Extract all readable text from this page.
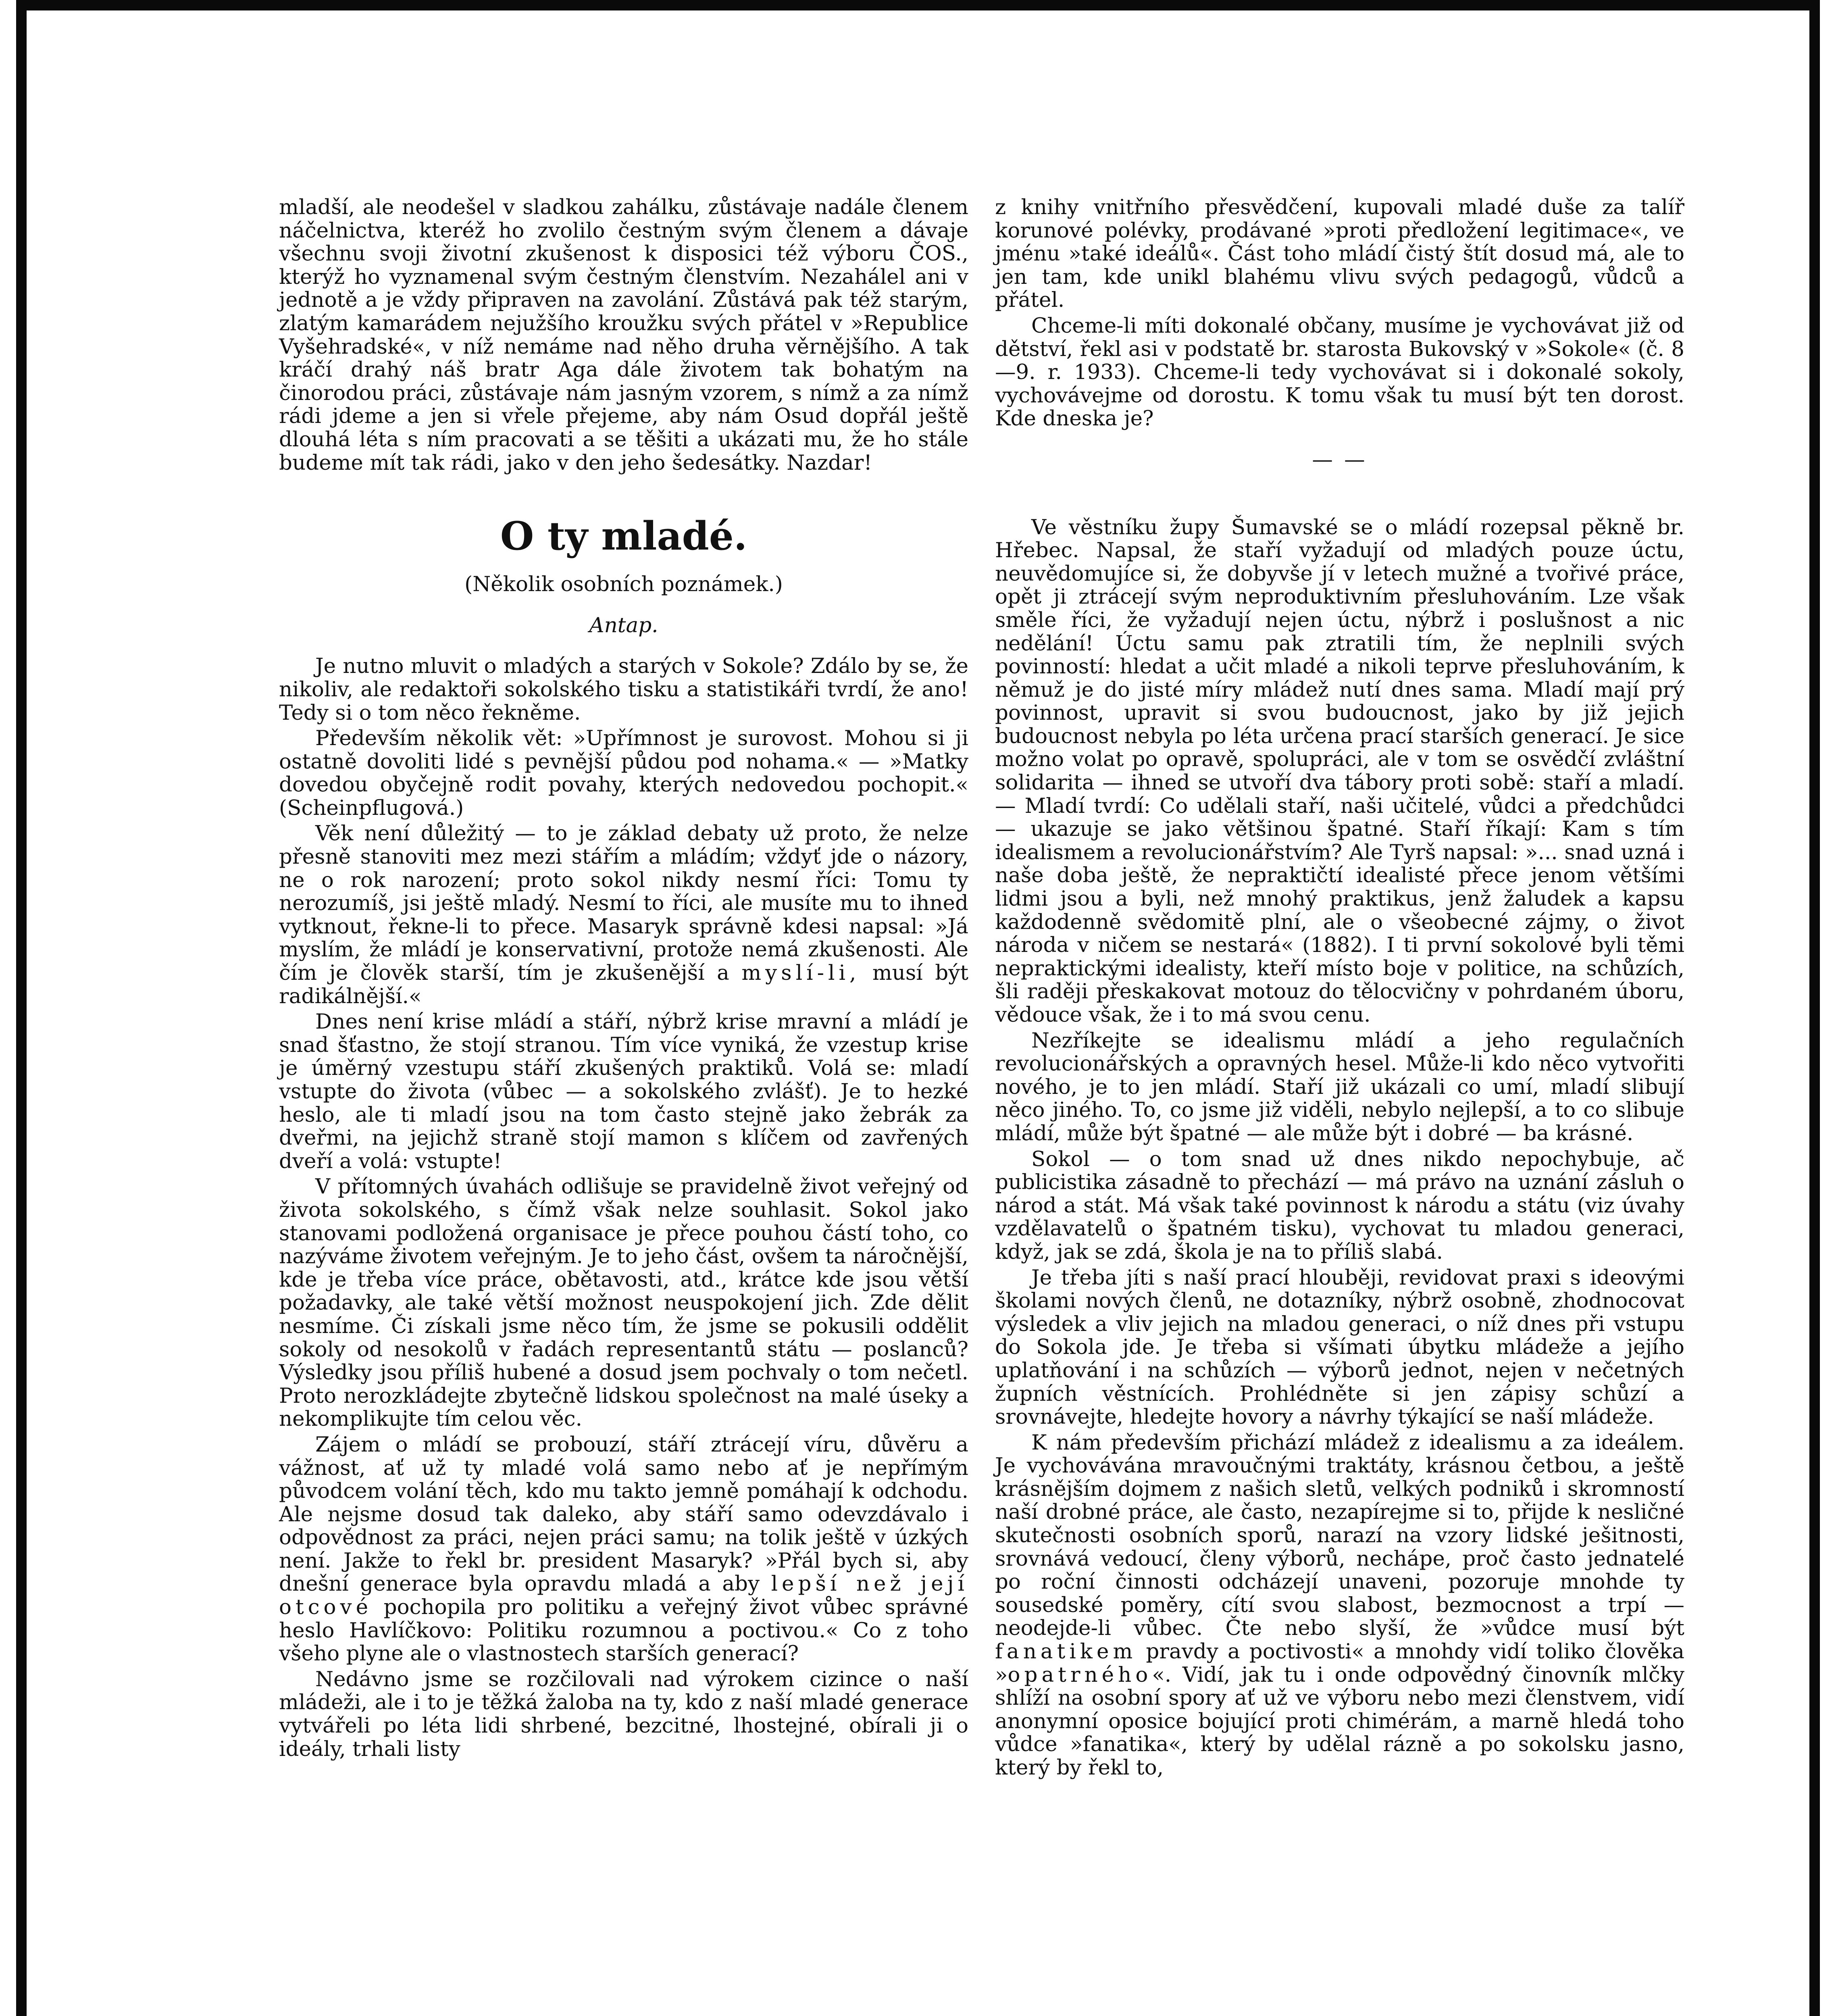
mladší, ale neodešel v sladkou zahálku, zůstávaje nadále členem náčelnictva, kteréž ho zvolilo čestným svým členem a dávaje všechnu svoji životní zkušenost k disposici též výboru ČOS., kterýž ho vyznamenal svým čestným členstvím. Nezahálel ani v jednotě a je vždy připraven na zavolání. Zůstává pak též starým, zlatým kamarádem nejužšího kroužku svých přátel v »Republice Vyšehradské«, v níž nemáme nad něho druha věrnějšího. A tak kráčí drahý náš bratr Aga dále životem tak bohatým na činorodou práci, zůstávaje nám jasným vzorem, s nímž a za nímž rádi jdeme a jen si vřele přejeme, aby nám Osud dopřál ještě dlouhá léta s ním pracovati a se těšiti a ukázati mu, že ho stále budeme mít tak rádi, jako v den jeho šedesátky. Nazdar!

O ty mladé.
(Několik osobních poznámek.)
Antap.

Je nutno mluvit o mladých a starých v Sokole? Zdálo by se, že nikoliv, ale redaktoři sokolského tisku a statistikáři tvrdí, že ano! Tedy si o tom něco řekněme.

Především několik vět: »Upřímnost je surovost. Mohou si ji ostatně dovoliti lidé s pevnější půdou pod nohama.« — »Matky dovedou obyčejně rodit povahy, kterých nedovedou pochopit.« (Scheinpflugová.)

Věk není důležitý — to je základ debaty už proto, že nelze přesně stanoviti mez mezi stářím a mládím; vždyť jde o názory, ne o rok narození; proto sokol nikdy nesmí říci: Tomu ty nerozumíš, jsi ještě mladý. Nesmí to říci, ale musíte mu to ihned vytknout, řekne-li to přece. Masaryk správně kdesi napsal: »Já myslím, že mládí je konservativní, protože nemá zkušenosti. Ale čím je člověk starší, tím je zkušenější a myslí-li, musí být radikálnější.«

Dnes není krise mládí a stáří, nýbrž krise mravní a mládí je snad šťastno, že stojí stranou. Tím více vyniká, že vzestup krise je úměrný vzestupu stáří zkušených praktiků. Volá se: mladí vstupte do života (vůbec — a sokolského zvlášť). Je to hezké heslo, ale ti mladí jsou na tom často stejně jako žebrák za dveřmi, na jejichž straně stojí mamon s klíčem od zavřených dveří a volá: vstupte!

V přítomných úvahách odlišuje se pravidelně život veřejný od života sokolského, s čímž však nelze souhlasit. Sokol jako stanovami podložená organisace je přece pouhou částí toho, co nazýváme životem veřejným. Je to jeho část, ovšem ta náročnější, kde je třeba více práce, obětavosti, atd., krátce kde jsou větší požadavky, ale také větší možnost neuspokojení jich. Zde dělit nesmíme. Či získali jsme něco tím, že jsme se pokusili oddělit sokoly od nesokolů v řadách representantů státu — poslanců? Výsledky jsou příliš hubené a dosud jsem pochvaly o tom nečetl. Proto nerozkládejte zbytečně lidskou společnost na malé úseky a nekomplikujte tím celou věc.

Zájem o mládí se probouzí, stáří ztrácejí víru, důvěru a vážnost, ať už ty mladé volá samo nebo ať je nepřímým původcem volání těch, kdo mu takto jemně pomáhají k odchodu. Ale nejsme dosud tak daleko, aby stáří samo odevzdávalo i odpovědnost za práci, nejen práci samu; na tolik ještě v úzkých není. Jakže to řekl br. president Masaryk? »Přál bych si, aby dnešní generace byla opravdu mladá a aby lepší než její otcové pochopila pro politiku a veřejný život vůbec správné heslo Havlíčkovo: Politiku rozumnou a poctivou.« Co z toho všeho plyne ale o vlastnostech starších generací?

Nedávno jsme se rozčilovali nad výrokem cizince o naší mládeži, ale i to je těžká žaloba na ty, kdo z naší mladé generace vytvářeli po léta lidi shrbené, bezcitné, lhostejné, obírali ji o ideály, trhali listy

z knihy vnitřního přesvědčení, kupovali mladé duše za talíř korunové polévky, prodávané »proti předložení legitimace«, ve jménu »také ideálů«. Část toho mládí čistý štít dosud má, ale to jen tam, kde unikl blahému vlivu svých pedagogů, vůdců a přátel.

Chceme-li míti dokonalé občany, musíme je vychovávat již od dětství, řekl asi v podstatě br. starosta Bukovský v »Sokole« (č. 8—9. r. 1933). Chceme-li tedy vychovávat si i dokonalé sokoly, vychovávejme od dorostu. K tomu však tu musí být ten dorost. Kde dneska je?

— —

Ve věstníku župy Šumavské se o mládí rozepsal pěkně br. Hřebec. Napsal, že staří vyžadují od mladých pouze úctu, neuvědomujíce si, že dobyvše jí v letech mužné a tvořivé práce, opět ji ztrácejí svým neproduktivním přesluhováním. Lze však směle říci, že vyžadují nejen úctu, nýbrž i poslušnost a nic nedělání! Úctu samu pak ztratili tím, že neplnili svých povinností: hledat a učit mladé a nikoli teprve přesluhováním, k němuž je do jisté míry mládež nutí dnes sama. Mladí mají prý povinnost, upravit si svou budoucnost, jako by již jejich budoucnost nebyla po léta určena prací starších generací. Je sice možno volat po opravě, spolupráci, ale v tom se osvědčí zvláštní solidarita — ihned se utvoří dva tábory proti sobě: staří a mladí. — Mladí tvrdí: Co udělali staří, naši učitelé, vůdci a předchůdci — ukazuje se jako většinou špatné. Staří říkají: Kam s tím idealismem a revolucionářstvím? Ale Tyrš napsal: »... snad uzná i naše doba ještě, že nepraktičtí idealisté přece jenom většími lidmi jsou a byli, než mnohý praktikus, jenž žaludek a kapsu každodenně svědomitě plní, ale o všeobecné zájmy, o život národa v ničem se nestará« (1882). I ti první sokolové byli těmi nepraktickými idealisty, kteří místo boje v politice, na schůzích, šli raději přeskakovat motouz do tělocvičny v pohrdaném úboru, vědouce však, že i to má svou cenu.

Nezříkejte se idealismu mládí a jeho regulačních revolucionářských a opravných hesel. Může-li kdo něco vytvořiti nového, je to jen mládí. Staří již ukázali co umí, mladí slibují něco jiného. To, co jsme již viděli, nebylo nejlepší, a to co slibuje mládí, může být špatné — ale může být i dobré — ba krásné.

Sokol — o tom snad už dnes nikdo nepochybuje, ač publicistika zásadně to přechází — má právo na uznání zásluh o národ a stát. Má však také povinnost k národu a státu (viz úvahy vzdělavatelů o špatném tisku), vychovat tu mladou generaci, když, jak se zdá, škola je na to příliš slabá.

Je třeba jíti s naší prací hlouběji, revidovat praxi s ideovými školami nových členů, ne dotazníky, nýbrž osobně, zhodnocovat výsledek a vliv jejich na mladou generaci, o níž dnes při vstupu do Sokola jde. Je třeba si všímati úbytku mládeže a jejího uplatňování i na schůzích — výborů jednot, nejen v nečetných župních věstnících. Prohlédněte si jen zápisy schůzí a srovnávejte, hledejte hovory a návrhy týkající se naší mládeže.

K nám především přichází mládež z idealismu a za ideálem. Je vychovávána mravoučnými traktáty, krásnou četbou, a ještě krásnějším dojmem z našich sletů, velkých podniků i skromností naší drobné práce, ale často, nezapírejme si to, přijde k nesličné skutečnosti osobních sporů, narazí na vzory lidské ješitnosti, srovnává vedoucí, členy výborů, nechápe, proč často jednatelé po roční činnosti odcházejí unaveni, pozoruje mnohde ty sousedské poměry, cítí svou slabost, bezmocnost a trpí — neodejde-li vůbec. Čte nebo slyší, že »vůdce musí být fanatikem pravdy a poctivosti« a mnohdy vidí toliko člověka »opatrného«. Vidí, jak tu i onde odpovědný činovník mlčky shlíží na osobní spory ať už ve výboru nebo mezi členstvem, vidí anonymní oposice bojující proti chimérám, a marně hledá toho vůdce »fanatika«, který by udělal rázně a po sokolsku jasno, který by řekl to,
